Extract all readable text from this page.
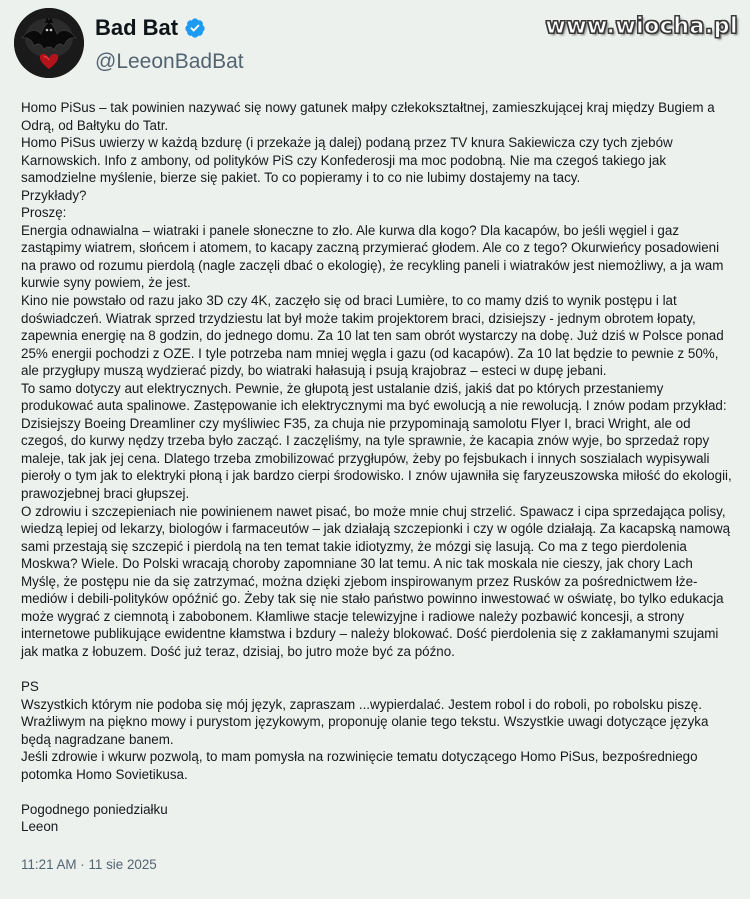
Bad Bat
@LeeonBadBat
www.wiocha.pl

Homo PiSus – tak powinien nazywać się nowy gatunek małpy człekokształtnej, zamieszkującej kraj między Bugiem a Odrą, od Bałtyku do Tatr.

Homo PiSus uwierzy w każdą bzdurę (i przekaże ją dalej) podaną przez TV knura Sakiewicza czy tych zjebów Karnowskich. Info z ambony, od polityków PiS czy Konfederosji ma moc podobną. Nie ma czegoś takiego jak samodzielne myślenie, bierze się pakiet. To co popieramy i to co nie lubimy dostajemy na tacy.

Przykłady?

Proszę:

Energia odnawialna – wiatraki i panele słoneczne to zło. Ale kurwa dla kogo? Dla kacapów, bo jeśli węgiel i gaz zastąpimy wiatrem, słońcem i atomem, to kacapy zaczną przymierać głodem. Ale co z tego? Okurwieńcy posadowieni na prawo od rozumu pierdolą (nagle zaczęli dbać o ekologię), że recykling paneli i wiatraków jest niemożliwy, a ja wam kurwie syny powiem, że jest.

Kino nie powstało od razu jako 3D czy 4K, zaczęło się od braci Lumière, to co mamy dziś to wynik postępu i lat doświadczeń. Wiatrak sprzed trzydziestu lat był może takim projektorem braci, dzisiejszy - jednym obrotem łopaty, zapewnia energię na 8 godzin, do jednego domu. Za 10 lat ten sam obrót wystarczy na dobę. Już dziś w Polsce ponad 25% energii pochodzi z OZE. I tyle potrzeba nam mniej węgla i gazu (od kacapów). Za 10 lat będzie to pewnie z 50%, ale przygłupy muszą wydzierać pizdy, bo wiatraki hałasują i psują krajobraz – esteci w dupę jebani.

To samo dotyczy aut elektrycznych. Pewnie, że głupotą jest ustalanie dziś, jakiś dat po których przestaniemy produkować auta spalinowe. Zastępowanie ich elektrycznymi ma być ewolucją a nie rewolucją. I znów podam przykład: Dzisiejszy Boeing Dreamliner czy myśliwiec F35, za chuja nie przypominają samolotu Flyer I, braci Wright, ale od czegoś, do kurwy nędzy trzeba było zacząć. I zaczęliśmy, na tyle sprawnie, że kacapia znów wyje, bo sprzedaż ropy maleje, tak jak jej cena. Dlatego trzeba zmobilizować przygłupów, żeby po fejsbukach i innych soszialach wypisywali pieroły o tym jak to elektryki płoną i jak bardzo cierpi środowisko. I znów ujawniła się faryzeuszowska miłość do ekologii, prawozjebnej braci głupszej.

O zdrowiu i szczepieniach nie powinienem nawet pisać, bo może mnie chuj strzelić. Spawacz i cipa sprzedająca polisy, wiedzą lepiej od lekarzy, biologów i farmaceutów – jak działają szczepionki i czy w ogóle działają. Za kacapską namową sami przestają się szczepić i pierdolą na ten temat takie idiotyzmy, że mózgi się lasują. Co ma z tego pierdolenia Moskwa? Wiele. Do Polski wracają choroby zapomniane 30 lat temu. A nic tak moskala nie cieszy, jak chory Lach Myślę, że postępu nie da się zatrzymać, można dzięki zjebom inspirowanym przez Rusków za pośrednictwem łże-mediów i debili-polityków opóźnić go. Żeby tak się nie stało państwo powinno inwestować w oświatę, bo tylko edukacja może wygrać z ciemnotą i zabobonem. Kłamliwe stacje telewizyjne i radiowe należy pozbawić koncesji, a strony internetowe publikujące ewidentne kłamstwa i bzdury – należy blokować. Dość pierdolenia się z zakłamanymi szujami jak matka z łobuzem. Dość już teraz, dzisiaj, bo jutro może być za późno.

PS

Wszystkich którym nie podoba się mój język, zapraszam ...wypierdalać. Jestem robol i do roboli, po robolsku piszę. Wrażliwym na piękno mowy i purystom językowym, proponuję olanie tego tekstu. Wszystkie uwagi dotyczące języka będą nagradzane banem.

Jeśli zdrowie i wkurw pozwolą, to mam pomysła na rozwinięcie tematu dotyczącego Homo PiSus, bezpośredniego potomka Homo Sovietikusa.

Pogodnego poniedziałku

Leeon

11:21 AM · 11 sie 2025
